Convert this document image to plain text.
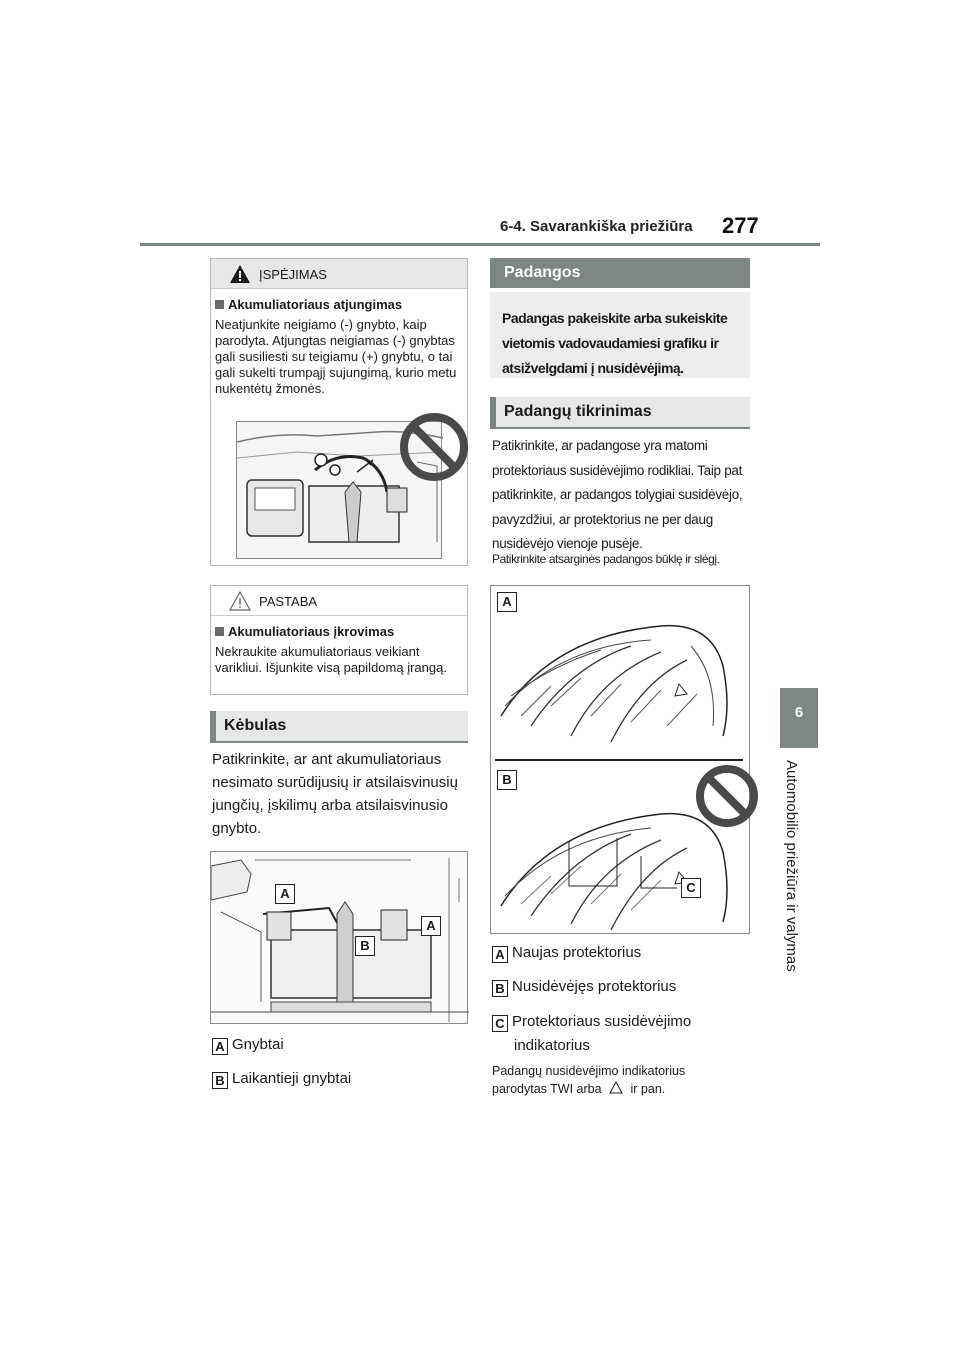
6-4. Savarankiška priežiūra 277
6
Automobilio priežiūra ir valymas
ĮSPĖJIMAS
Akumuliatoriaus atjungimas
Neatjunkite neigiamo (-) gnybto, kaip parodyta. Atjungtas neigiamas (-) gnybtas gali susiliesti su teigiamu (+) gnybtu, o tai gali sukelti trumpąjį sujungimą, kurio metu nukentėtų žmonės.
PASTABA
Akumuliatoriaus įkrovimas
Nekraukite akumuliatoriaus veikiant varikliui. Išjunkite visą papildomą įrangą.
Kėbulas
Patikrinkite, ar ant akumuliatoriaus nesimato surūdijusių ir atsilaisvinusių jungčių, įskilimų arba atsilaisvinusio gnybto.
A
A
B
A Gnybtai
B Laikantieji gnybtai
Padangos
Padangas pakeiskite arba sukeiskite vietomis vadovaudamiesi grafiku ir atsižvelgdami į nusidėvėjimą.
Padangų tikrinimas
Patikrinkite, ar padangose yra matomi protektoriaus susidėvėjimo rodikliai. Taip pat patikrinkite, ar padangos tolygiai susidėvėjo, pavyzdžiui, ar protektorius ne per daug nusidėvėjo vienoje pusėje.
Patikrinkite atsarginės padangos būklę ir slėgį.
A
B
C
A Naujas protektorius
B Nusidėvėjęs protektorius
C Protektoriaus susidėvėjimo indikatorius
Padangų nusidėvėjimo indikatorius parodytas TWI arba ir pan.
